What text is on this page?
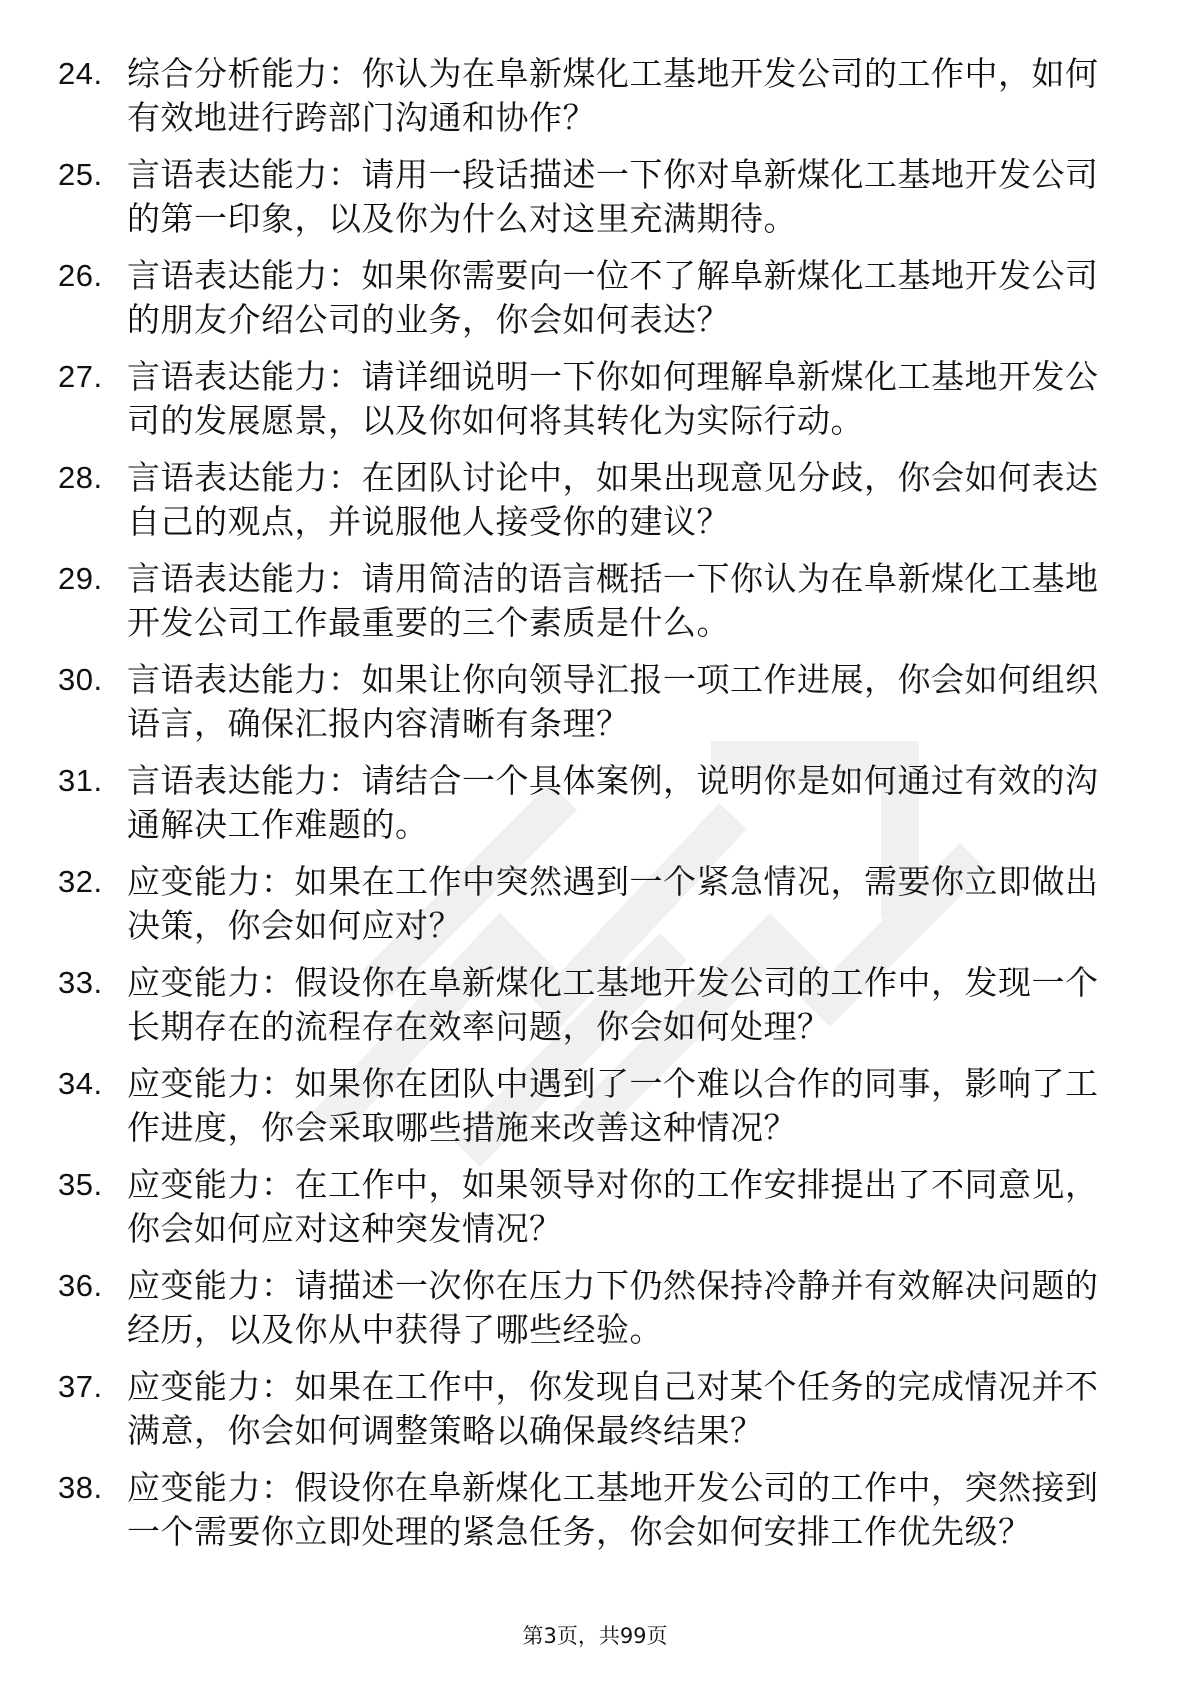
24. 综合分析能力：你认为在阜新煤化工基地开发公司的工作中，如何有效地进行跨部门沟通和协作？
25. 言语表达能力：请用一段话描述一下你对阜新煤化工基地开发公司的第一印象，以及你为什么对这里充满期待。
26. 言语表达能力：如果你需要向一位不了解阜新煤化工基地开发公司的朋友介绍公司的业务，你会如何表达？
27. 言语表达能力：请详细说明一下你如何理解阜新煤化工基地开发公司的发展愿景，以及你如何将其转化为实际行动。
28. 言语表达能力：在团队讨论中，如果出现意见分歧，你会如何表达自己的观点，并说服他人接受你的建议？
29. 言语表达能力：请用简洁的语言概括一下你认为在阜新煤化工基地开发公司工作最重要的三个素质是什么。
30. 言语表达能力：如果让你向领导汇报一项工作进展，你会如何组织语言，确保汇报内容清晰有条理？
31. 言语表达能力：请结合一个具体案例，说明你是如何通过有效的沟通解决工作难题的。
32. 应变能力：如果在工作中突然遇到一个紧急情况，需要你立即做出决策，你会如何应对？
33. 应变能力：假设你在阜新煤化工基地开发公司的工作中，发现一个长期存在的流程存在效率问题，你会如何处理？
34. 应变能力：如果你在团队中遇到了一个难以合作的同事，影响了工作进度，你会采取哪些措施来改善这种情况？
35. 应变能力：在工作中，如果领导对你的工作安排提出了不同意见，你会如何应对这种突发情况？
36. 应变能力：请描述一次你在压力下仍然保持冷静并有效解决问题的经历，以及你从中获得了哪些经验。
37. 应变能力：如果在工作中，你发现自己对某个任务的完成情况并不满意，你会如何调整策略以确保最终结果？
38. 应变能力：假设你在阜新煤化工基地开发公司的工作中，突然接到一个需要你立即处理的紧急任务，你会如何安排工作优先级？
第3页，共99页
